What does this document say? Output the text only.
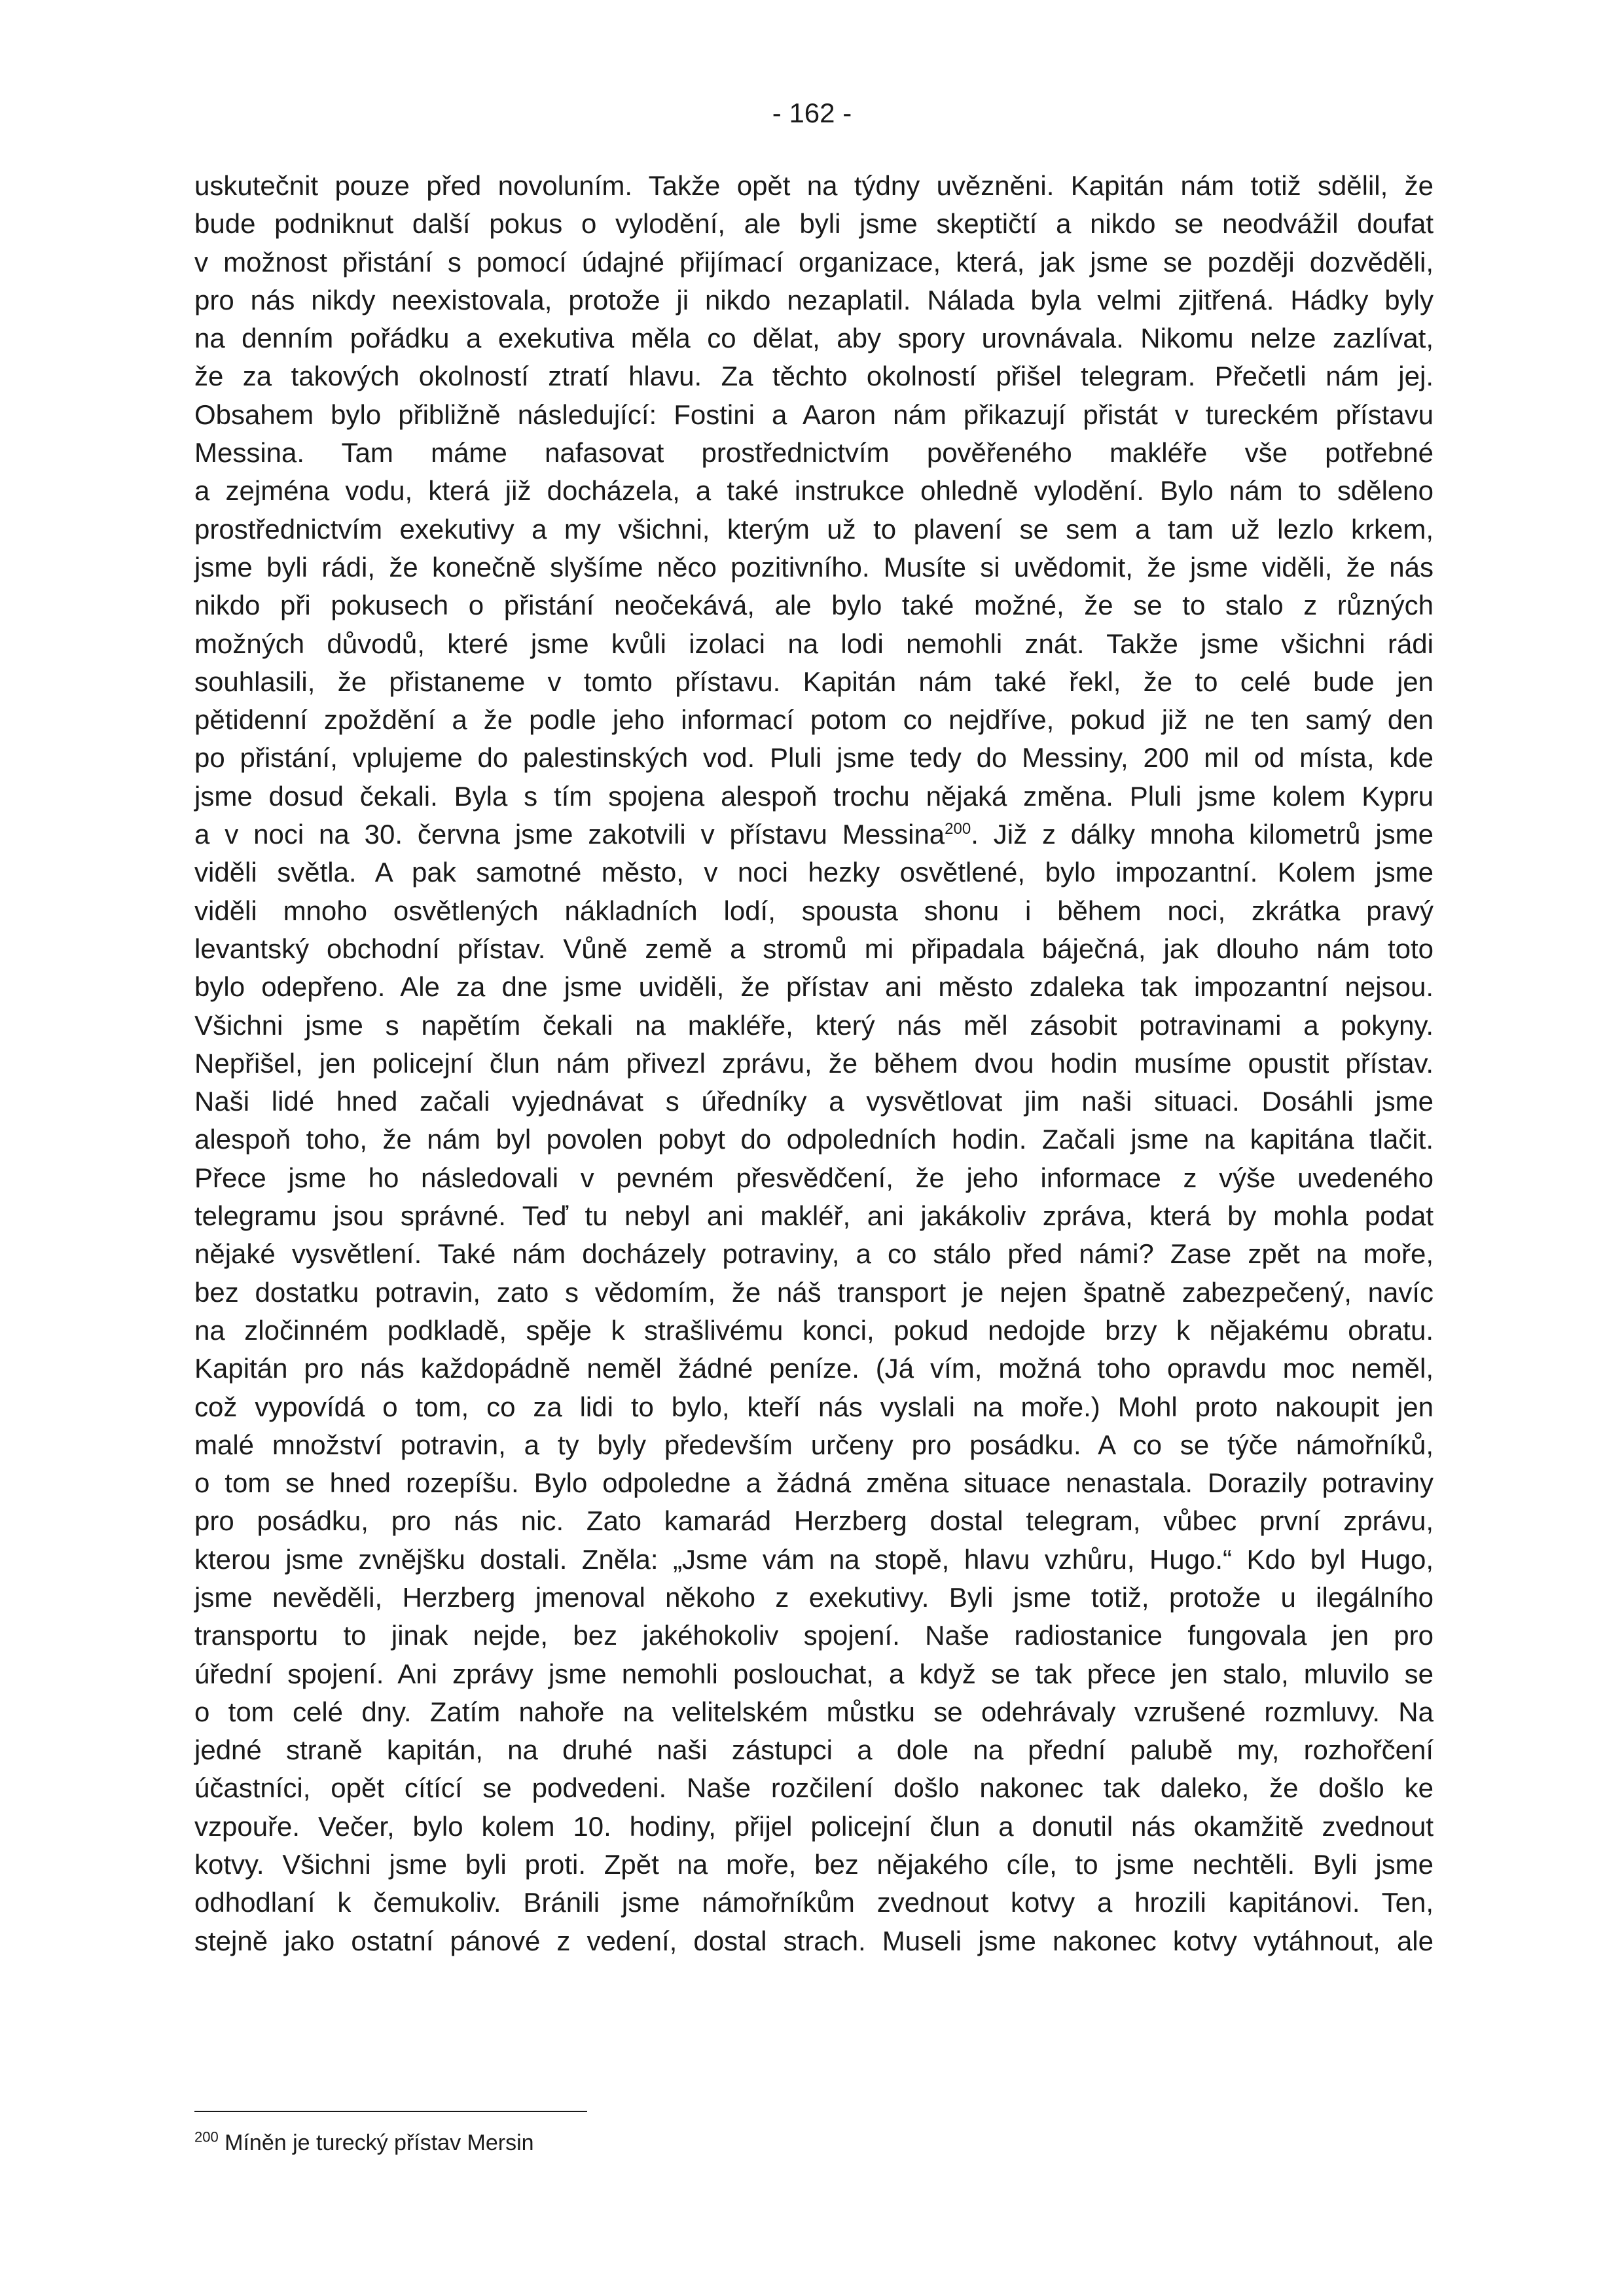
- 162 -
uskutečnit pouze před novoluním. Takže opět na týdny uvězněni. Kapitán nám totiž sdělil, že
bude podniknut další pokus o vylodění, ale byli jsme skeptičtí a nikdo se neodvážil doufat
v možnost přistání s pomocí údajné přijímací organizace, která, jak jsme se později dozvěděli,
pro nás nikdy neexistovala, protože ji nikdo nezaplatil. Nálada byla velmi zjitřená. Hádky byly
na denním pořádku a exekutiva měla co dělat, aby spory urovnávala. Nikomu nelze zazlívat,
že za takových okolností ztratí hlavu. Za těchto okolností přišel telegram. Přečetli nám jej.
Obsahem bylo přibližně následující: Fostini a Aaron nám přikazují přistát v tureckém přístavu
Messina. Tam máme nafasovat prostřednictvím pověřeného makléře vše potřebné
a zejména vodu, která již docházela, a také instrukce ohledně vylodění. Bylo nám to sděleno
prostřednictvím exekutivy a my všichni, kterým už to plavení se sem a tam už lezlo krkem,
jsme byli rádi, že konečně slyšíme něco pozitivního. Musíte si uvědomit, že jsme viděli, že nás
nikdo při pokusech o přistání neočekává, ale bylo také možné, že se to stalo z různých
možných důvodů, které jsme kvůli izolaci na lodi nemohli znát. Takže jsme všichni rádi
souhlasili, že přistaneme v tomto přístavu. Kapitán nám také řekl, že to celé bude jen
pětidenní zpoždění a že podle jeho informací potom co nejdříve, pokud již ne ten samý den
po přistání, vplujeme do palestinských vod. Pluli jsme tedy do Messiny, 200 mil od místa, kde
jsme dosud čekali. Byla s tím spojena alespoň trochu nějaká změna. Pluli jsme kolem Kypru
a v noci na 30. června jsme zakotvili v přístavu Messina$^{200}$. Již z dálky mnoha kilometrů jsme
viděli světla. A pak samotné město, v noci hezky osvětlené, bylo impozantní. Kolem jsme
viděli mnoho osvětlených nákladních lodí, spousta shonu i během noci, zkrátka pravý
levantský obchodní přístav. Vůně země a stromů mi připadala báječná, jak dlouho nám toto
bylo odepřeno. Ale za dne jsme uviděli, že přístav ani město zdaleka tak impozantní nejsou.
Všichni jsme s napětím čekali na makléře, který nás měl zásobit potravinami a pokyny.
Nepřišel, jen policejní člun nám přivezl zprávu, že během dvou hodin musíme opustit přístav.
Naši lidé hned začali vyjednávat s úředníky a vysvětlovat jim naši situaci. Dosáhli jsme
alespoň toho, že nám byl povolen pobyt do odpoledních hodin. Začali jsme na kapitána tlačit.
Přece jsme ho následovali v pevném přesvědčení, že jeho informace z výše uvedeného
telegramu jsou správné. Teď tu nebyl ani makléř, ani jakákoliv zpráva, která by mohla podat
nějaké vysvětlení. Také nám docházely potraviny, a co stálo před námi? Zase zpět na moře,
bez dostatku potravin, zato s vědomím, že náš transport je nejen špatně zabezpečený, navíc
na zločinném podkladě, spěje k strašlivému konci, pokud nedojde brzy k nějakému obratu.
Kapitán pro nás každopádně neměl žádné peníze. (Já vím, možná toho opravdu moc neměl,
což vypovídá o tom, co za lidi to bylo, kteří nás vyslali na moře.) Mohl proto nakoupit jen
malé množství potravin, a ty byly především určeny pro posádku. A co se týče námořníků,
o tom se hned rozepíšu. Bylo odpoledne a žádná změna situace nenastala. Dorazily potraviny
pro posádku, pro nás nic. Zato kamarád Herzberg dostal telegram, vůbec první zprávu,
kterou jsme zvnějšku dostali. Zněla: „Jsme vám na stopě, hlavu vzhůru, Hugo.“ Kdo byl Hugo,
jsme nevěděli, Herzberg jmenoval někoho z exekutivy. Byli jsme totiž, protože u ilegálního
transportu to jinak nejde, bez jakéhokoliv spojení. Naše radiostanice fungovala jen pro
úřední spojení. Ani zprávy jsme nemohli poslouchat, a když se tak přece jen stalo, mluvilo se
o tom celé dny. Zatím nahoře na velitelském můstku se odehrávaly vzrušené rozmluvy. Na
jedné straně kapitán, na druhé naši zástupci a dole na přední palubě my, rozhořčení
účastníci, opět cítící se podvedeni. Naše rozčilení došlo nakonec tak daleko, že došlo ke
vzpouře. Večer, bylo kolem 10. hodiny, přijel policejní člun a donutil nás okamžitě zvednout
kotvy. Všichni jsme byli proti. Zpět na moře, bez nějakého cíle, to jsme nechtěli. Byli jsme
odhodlaní k čemukoliv. Bránili jsme námořníkům zvednout kotvy a hrozili kapitánovi. Ten,
stejně jako ostatní pánové z vedení, dostal strach. Museli jsme nakonec kotvy vytáhnout, ale
$^{200}$ Míněn je turecký přístav Mersin
